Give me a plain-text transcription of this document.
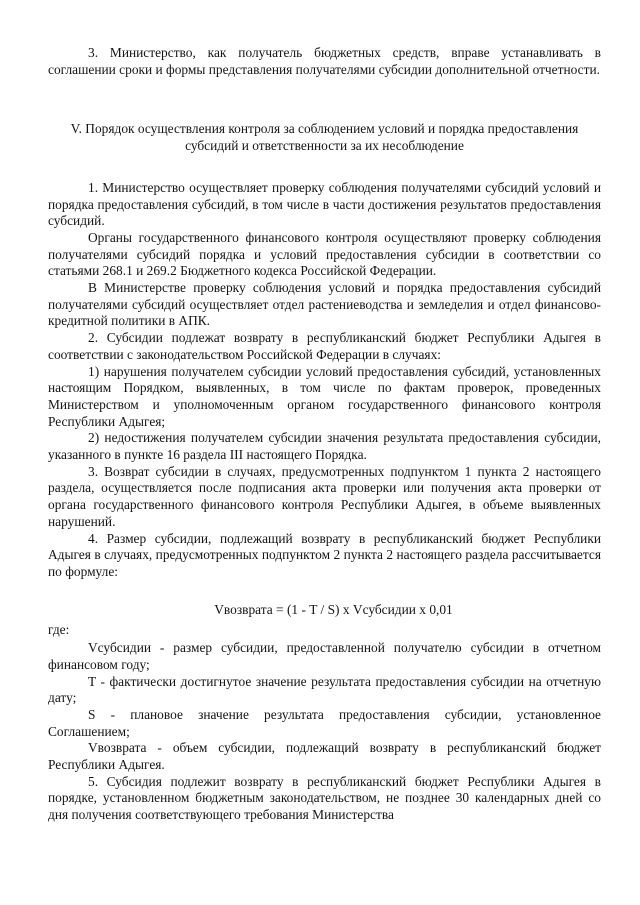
3. Министерство, как получатель бюджетных средств, вправе устанавливать в соглашении сроки и формы представления получателями субсидии дополнительной отчетности.

V. Порядок осуществления контроля за соблюдением условий и порядка предоставления субсидий и ответственности за их несоблюдение

1. Министерство осуществляет проверку соблюдения получателями субсидий условий и порядка предоставления субсидий, в том числе в части достижения результатов предоставления субсидий.

Органы государственного финансового контроля осуществляют проверку соблюдения получателями субсидий порядка и условий предоставления субсидии в соответствии со статьями 268.1 и 269.2 Бюджетного кодекса Российской Федерации.

В Министерстве проверку соблюдения условий и порядка предоставления субсидий получателями субсидий осуществляет отдел растениеводства и земледелия и отдел финансово-кредитной политики в АПК.

2. Субсидии подлежат возврату в республиканский бюджет Республики Адыгея в соответствии с законодательством Российской Федерации в случаях:

1) нарушения получателем субсидии условий предоставления субсидий, установленных настоящим Порядком, выявленных, в том числе по фактам проверок, проведенных Министерством и уполномоченным органом государственного финансового контроля Республики Адыгея;

2) недостижения получателем субсидии значения результата предоставления субсидии, указанного в пункте 16 раздела III настоящего Порядка.

3. Возврат субсидии в случаях, предусмотренных подпунктом 1 пункта 2 настоящего раздела, осуществляется после подписания акта проверки или получения акта проверки от органа государственного финансового контроля Республики Адыгея, в объеме выявленных нарушений.

4. Размер субсидии, подлежащий возврату в республиканский бюджет Республики Адыгея в случаях, предусмотренных подпунктом 2 пункта 2 настоящего раздела рассчитывается по формуле:

Vвозврата = (1 - T / S) х Vсубсидии х 0,01

где:

Vсубсидии - размер субсидии, предоставленной получателю субсидии в отчетном финансовом году;

T - фактически достигнутое значение результата предоставления субсидии на отчетную дату;

S - плановое значение результата предоставления субсидии, установленное Соглашением;

Vвозврата - объем субсидии, подлежащий возврату в республиканский бюджет Республики Адыгея.

5. Субсидия подлежит возврату в республиканский бюджет Республики Адыгея в порядке, установленном бюджетным законодательством, не позднее 30 календарных дней со дня получения соответствующего требования Министерства
